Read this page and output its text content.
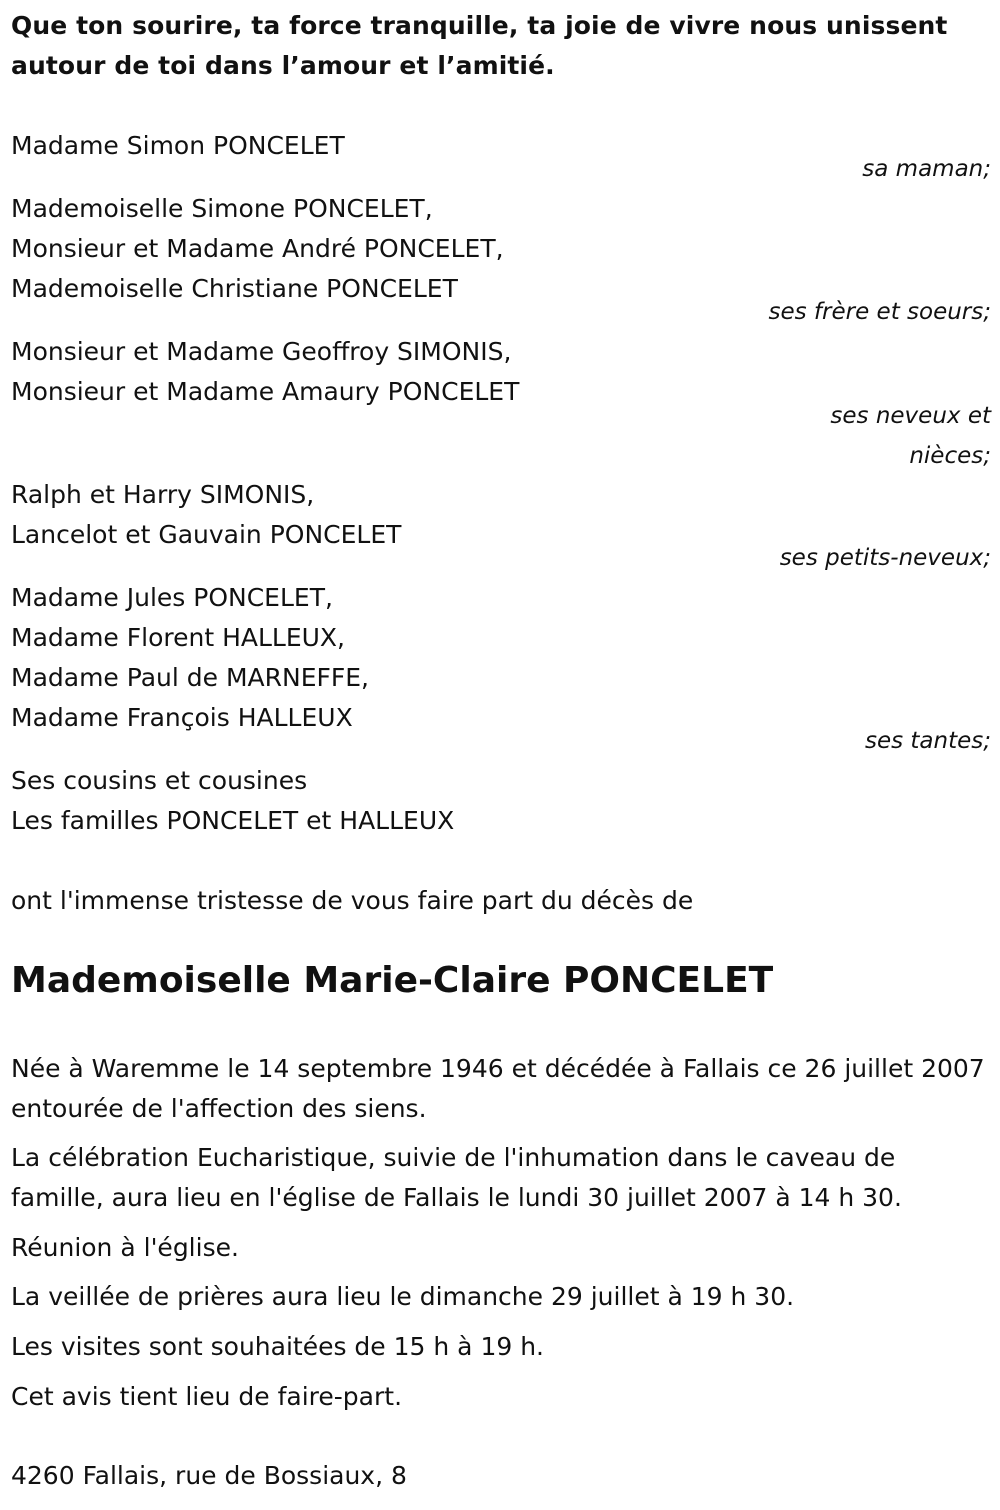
Que ton sourire, ta force tranquille, ta joie de vivre nous unissent autour de toi dans l’amour et l’amitié.
Madame Simon PONCELET
sa maman;
Mademoiselle Simone PONCELET,
Monsieur et Madame André PONCELET,
Mademoiselle Christiane PONCELET
ses frère et soeurs;
Monsieur et Madame Geoffroy SIMONIS,
Monsieur et Madame Amaury PONCELET
ses neveux et
nièces;
Ralph et Harry SIMONIS,
Lancelot et Gauvain PONCELET
ses petits-neveux;
Madame Jules PONCELET,
Madame Florent HALLEUX,
Madame Paul de MARNEFFE,
Madame François HALLEUX
ses tantes;
Ses cousins et cousines
Les familles PONCELET et HALLEUX
ont l'immense tristesse de vous faire part du décès de
Mademoiselle Marie-Claire PONCELET
Née à Waremme le 14 septembre 1946 et décédée à Fallais ce 26 juillet 2007 entourée de l'affection des siens.
La célébration Eucharistique, suivie de l'inhumation dans le caveau de famille, aura lieu en l'église de Fallais le lundi 30 juillet 2007 à 14 h 30.
Réunion à l'église.
La veillée de prières aura lieu le dimanche 29 juillet à 19 h 30.
Les visites sont souhaitées de 15 h à 19 h.
Cet avis tient lieu de faire-part.
4260 Fallais, rue de Bossiaux, 8
